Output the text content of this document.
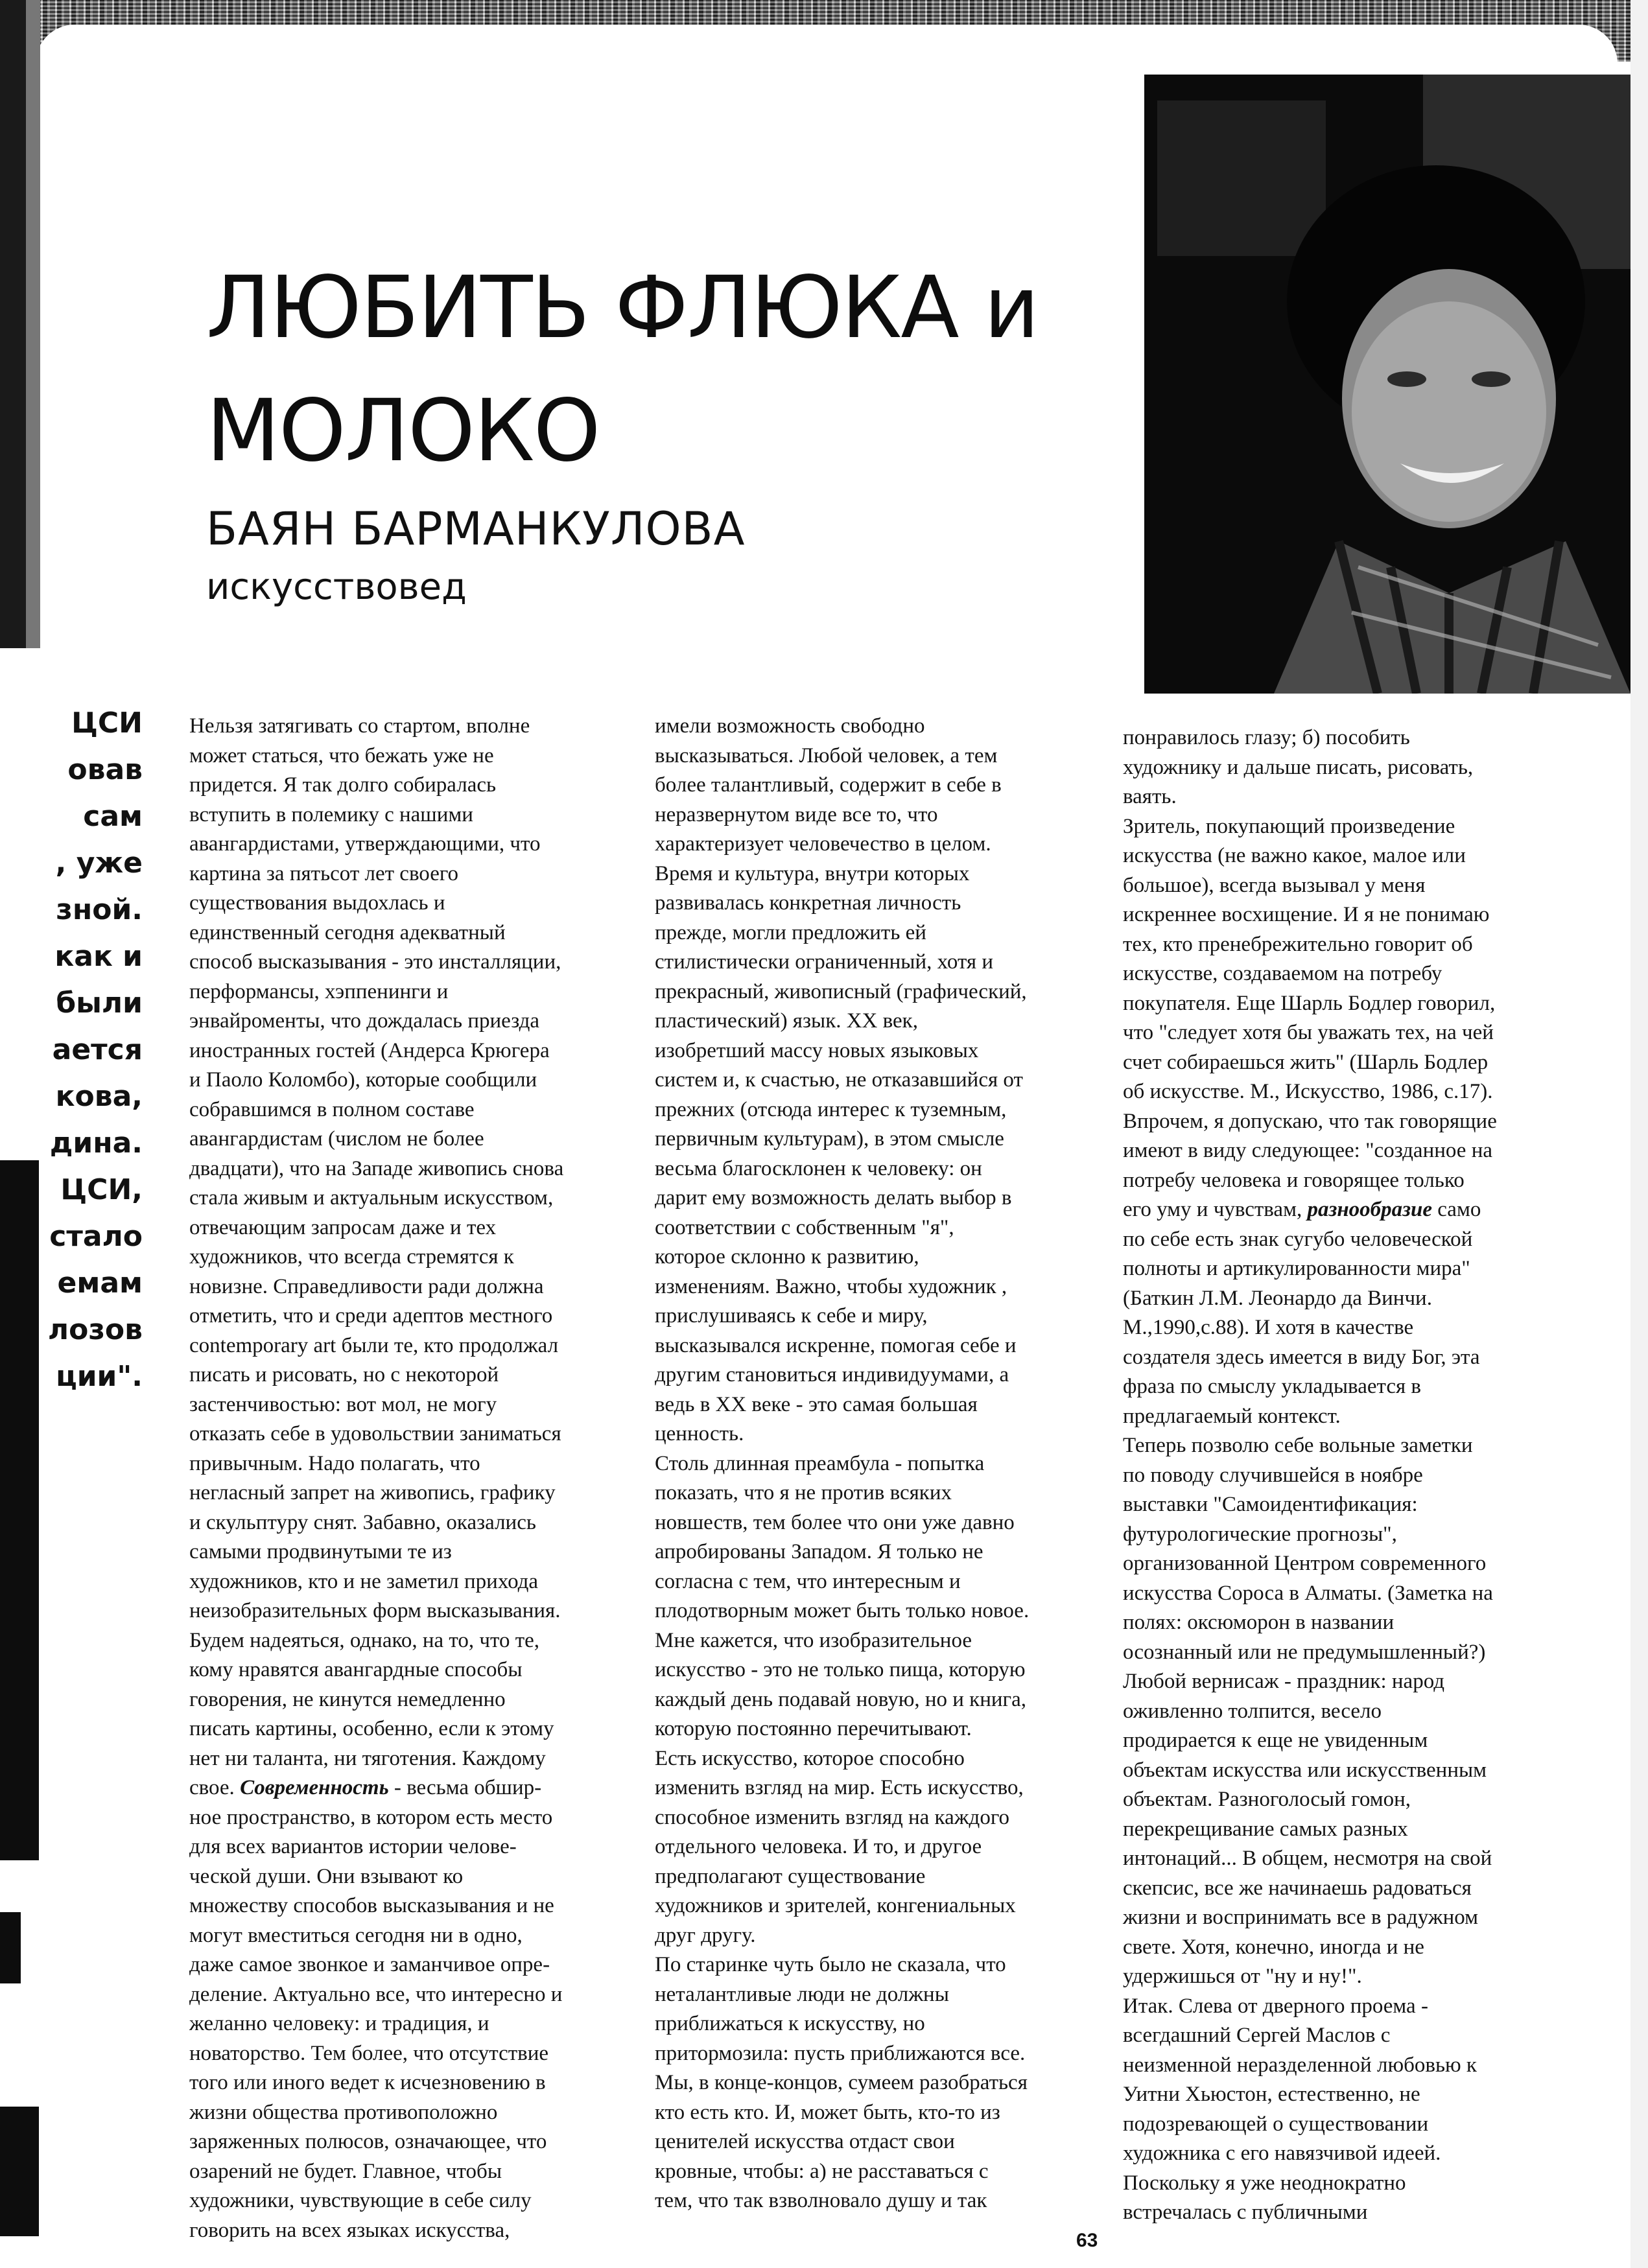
ЛЮБИТЬ ФЛЮКА и
МОЛОКО
БАЯН БАРМАНКУЛОВА
искусствовед
ЦСИ
овав
сам
, уже
зной.
как и
были
ается
кова,
дина.
ЦСИ,
стало
емам
лозов
ции".
Нельзя затягивать со стартом, вполне
может статься, что бежать уже не
придется. Я так долго собиралась
вступить в полемику с нашими
авангардистами, утверждающими, что
картина за пятьсот лет своего
существования выдохлась и
единственный сегодня адекватный
способ высказывания - это инсталляции,
перформансы, хэппенинги и
энвайроменты, что дождалась приезда
иностранных гостей (Андерса Крюгера
и Паоло Коломбо), которые сообщили
собравшимся в полном составе
авангардистам (числом не более
двадцати), что на Западе живопись снова
стала живым и актуальным искусством,
отвечающим запросам даже и тех
художников, что всегда стремятся к
новизне. Справедливости ради должна
отметить, что и среди адептов местного
contemporary art были те, кто продолжал
писать и рисовать, но с некоторой
застенчивостью: вот мол, не могу
отказать себе в удовольствии заниматься
привычным. Надо полагать, что
негласный запрет на живопись, графику
и скульптуру снят. Забавно, оказались
самыми продвинутыми те из
художников, кто и не заметил прихода
неизобразительных форм высказывания.
Будем надеяться, однако, на то, что те,
кому нравятся авангардные способы
говорения, не кинутся немедленно
писать картины, особенно, если к этому
нет ни таланта, ни тяготения. Каждому
свое. Современность - весьма обшир-
ное пространство, в котором есть место
для всех вариантов истории челове-
ческой души. Они взывают ко
множеству способов высказывания и не
могут вместиться сегодня ни в одно,
даже самое звонкое и заманчивое опре-
деление. Актуально все, что интересно и
желанно человеку: и традиция, и
новаторство. Тем более, что отсутствие
того или иного ведет к исчезновению в
жизни общества противоположно
заряженных полюсов, означающее, что
озарений не будет. Главное, чтобы
художники, чувствующие в себе силу
говорить на всех языках искусства,
имели возможность свободно
высказываться. Любой человек, а тем
более талантливый, содержит в себе в
неразвернутом виде все то, что
характеризует человечество в целом.
Время и культура, внутри которых
развивалась конкретная личность
прежде, могли предложить ей
стилистически ограниченный, хотя и
прекрасный, живописный (графический,
пластический) язык. XX век,
изобретший массу новых языковых
систем и, к счастью, не отказавшийся от
прежних (отсюда интерес к туземным,
первичным культурам), в этом смысле
весьма благосклонен к человеку: он
дарит ему возможность делать выбор в
соответствии с собственным "я",
которое склонно к развитию,
изменениям. Важно, чтобы художник ,
прислушиваясь к себе и миру,
высказывался искренне, помогая себе и
другим становиться индивидуумами, а
ведь в XX веке - это самая большая
ценность.
Столь длинная преамбула - попытка
показать, что я не против всяких
новшеств, тем более что они уже давно
апробированы Западом. Я только не
согласна с тем, что интересным и
плодотворным может быть только новое.
Мне кажется, что изобразительное
искусство - это не только пища, которую
каждый день подавай новую, но и книга,
которую постоянно перечитывают.
Есть искусство, которое способно
изменить взгляд на мир. Есть искусство,
способное изменить взгляд на каждого
отдельного человека. И то, и другое
предполагают существование
художников и зрителей, конгениальных
друг другу.
По старинке чуть было не сказала, что
неталантливые люди не должны
приближаться к искусству, но
притормозила: пусть приближаются все.
Мы, в конце-концов, сумеем разобраться
кто есть кто. И, может быть, кто-то из
ценителей искусства отдаст свои
кровные, чтобы: а) не расставаться с
тем, что так взволновало душу и так
понравилось глазу; б) пособить
художнику и дальше писать, рисовать,
ваять.
Зритель, покупающий произведение
искусства (не важно какое, малое или
большое), всегда вызывал у меня
искреннее восхищение. И я не понимаю
тех, кто пренебрежительно говорит об
искусстве, создаваемом на потребу
покупателя. Еще Шарль Бодлер говорил,
что "следует хотя бы уважать тех, на чей
счет собираешься жить" (Шарль Бодлер
об искусстве. М., Искусство, 1986, с.17).
Впрочем, я допускаю, что так говорящие
имеют в виду следующее: "созданное на
потребу человека и говорящее только
его уму и чувствам, разнообразие само
по себе есть знак сугубо человеческой
полноты и артикулированности мира"
(Баткин Л.М. Леонардо да Винчи.
М.,1990,с.88). И хотя в качестве
создателя здесь имеется в виду Бог, эта
фраза по смыслу укладывается в
предлагаемый контекст.
Теперь позволю себе вольные заметки
по поводу случившейся в ноябре
выставки "Самоидентификация:
футурологические прогнозы",
организованной Центром современного
искусства Сороса в Алматы. (Заметка на
полях: оксюморон в названии
осознанный или не предумышленный?)
Любой вернисаж - праздник: народ
оживленно толпится, весело
продирается к еще не увиденным
объектам искусства или искусственным
объектам. Разноголосый гомон,
перекрещивание самых разных
интонаций... В общем, несмотря на свой
скепсис, все же начинаешь радоваться
жизни и воспринимать все в радужном
свете. Хотя, конечно, иногда и не
удержишься от "ну и ну!".
Итак. Слева от дверного проема -
всегдашний Сергей Маслов с
неизменной неразделенной любовью к
Уитни Хьюстон, естественно, не
подозревающей о существовании
художника с его навязчивой идеей.
Поскольку я уже неоднократно
встречалась с публичными
63
